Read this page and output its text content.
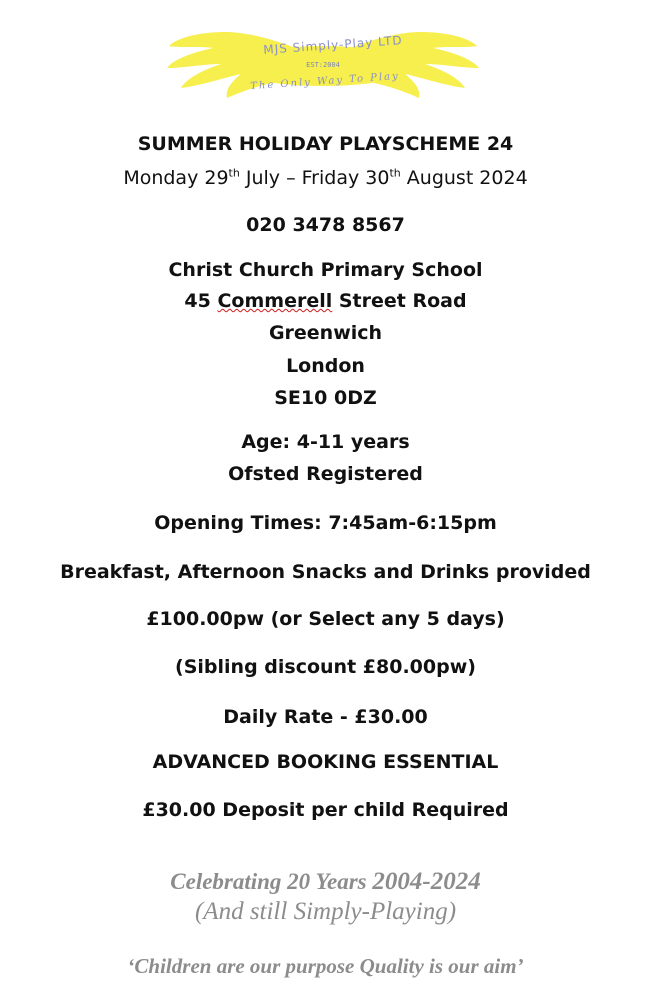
MJS Simply-Play LTD
EST:2004
The Only Way To Play
SUMMER HOLIDAY PLAYSCHEME 24
Monday 29th July – Friday 30th August 2024
020 3478 8567
Christ Church Primary School
45 Commerell Street Road
Greenwich
London
SE10 0DZ
Age: 4-11 years
Ofsted Registered
Opening Times: 7:45am-6:15pm
Breakfast, Afternoon Snacks and Drinks provided
£100.00pw (or Select any 5 days)
(Sibling discount £80.00pw)
Daily Rate - £30.00
ADVANCED BOOKING ESSENTIAL
£30.00 Deposit per child Required
Celebrating 20 Years 2004-2024
(And still Simply-Playing)
‘Children are our purpose Quality is our aim’
